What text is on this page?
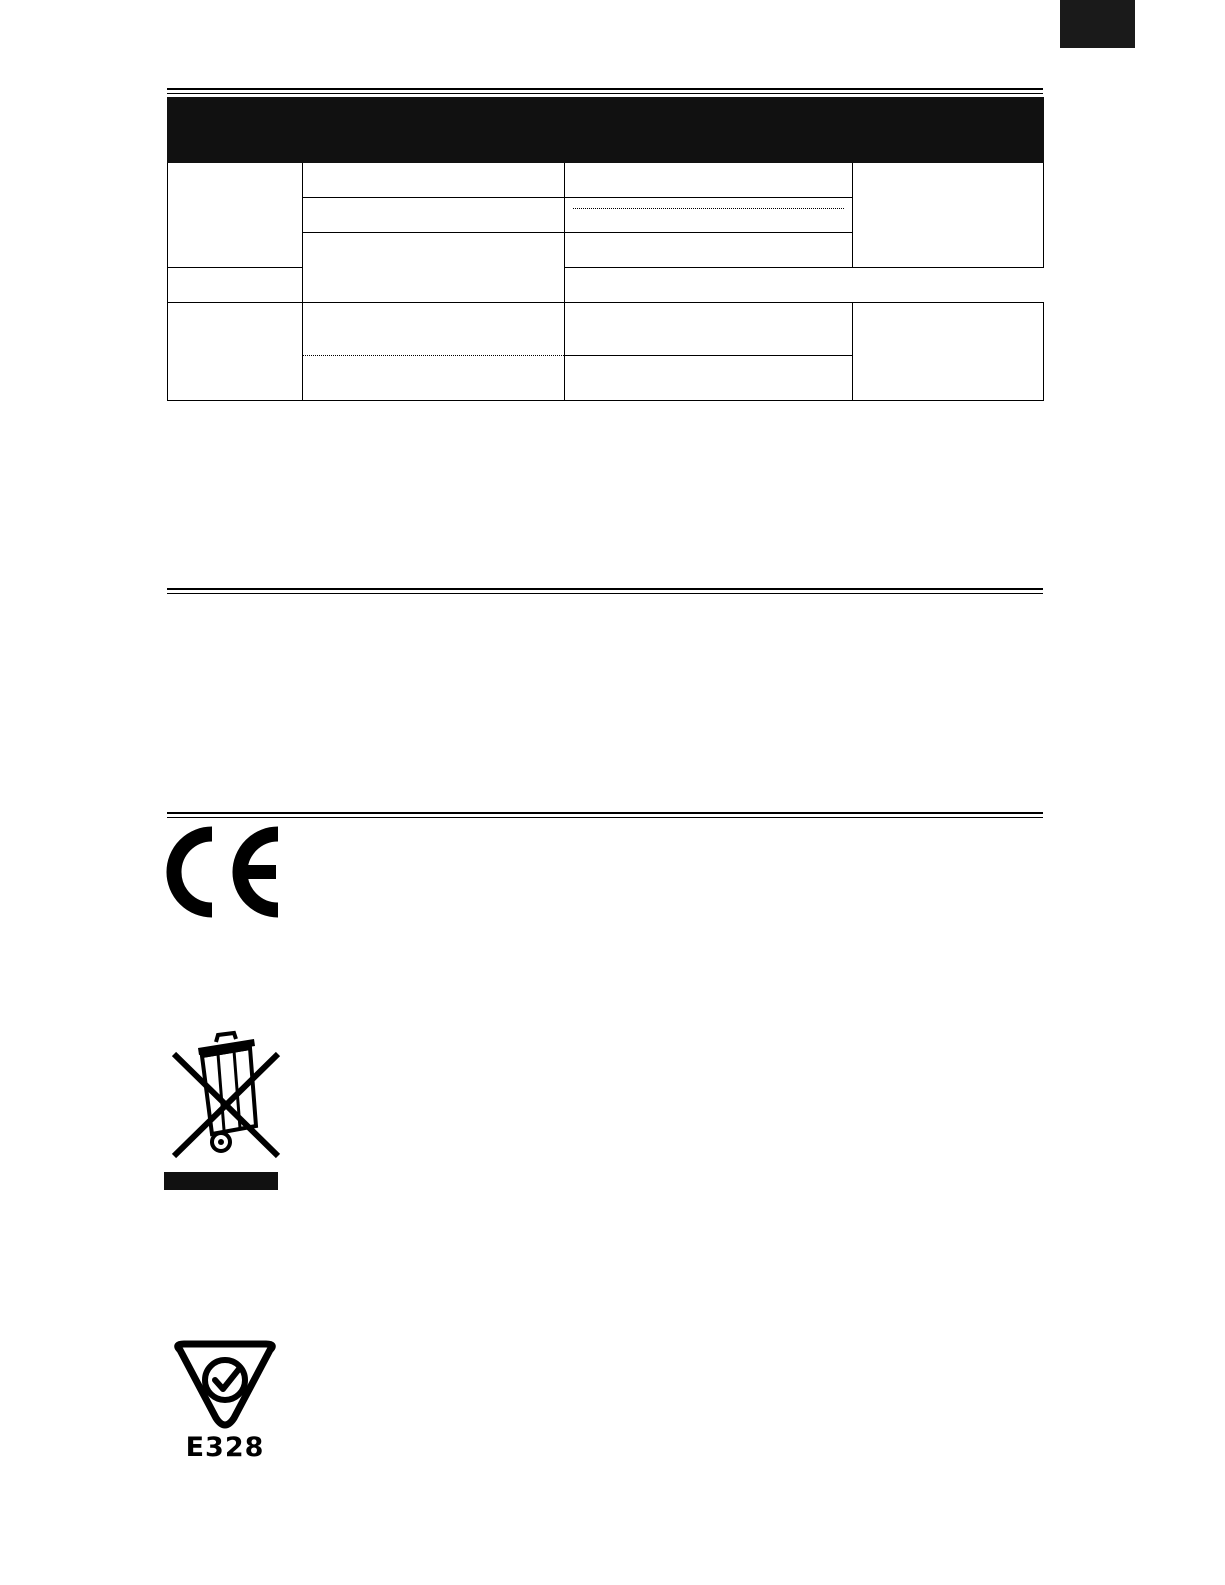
E328
